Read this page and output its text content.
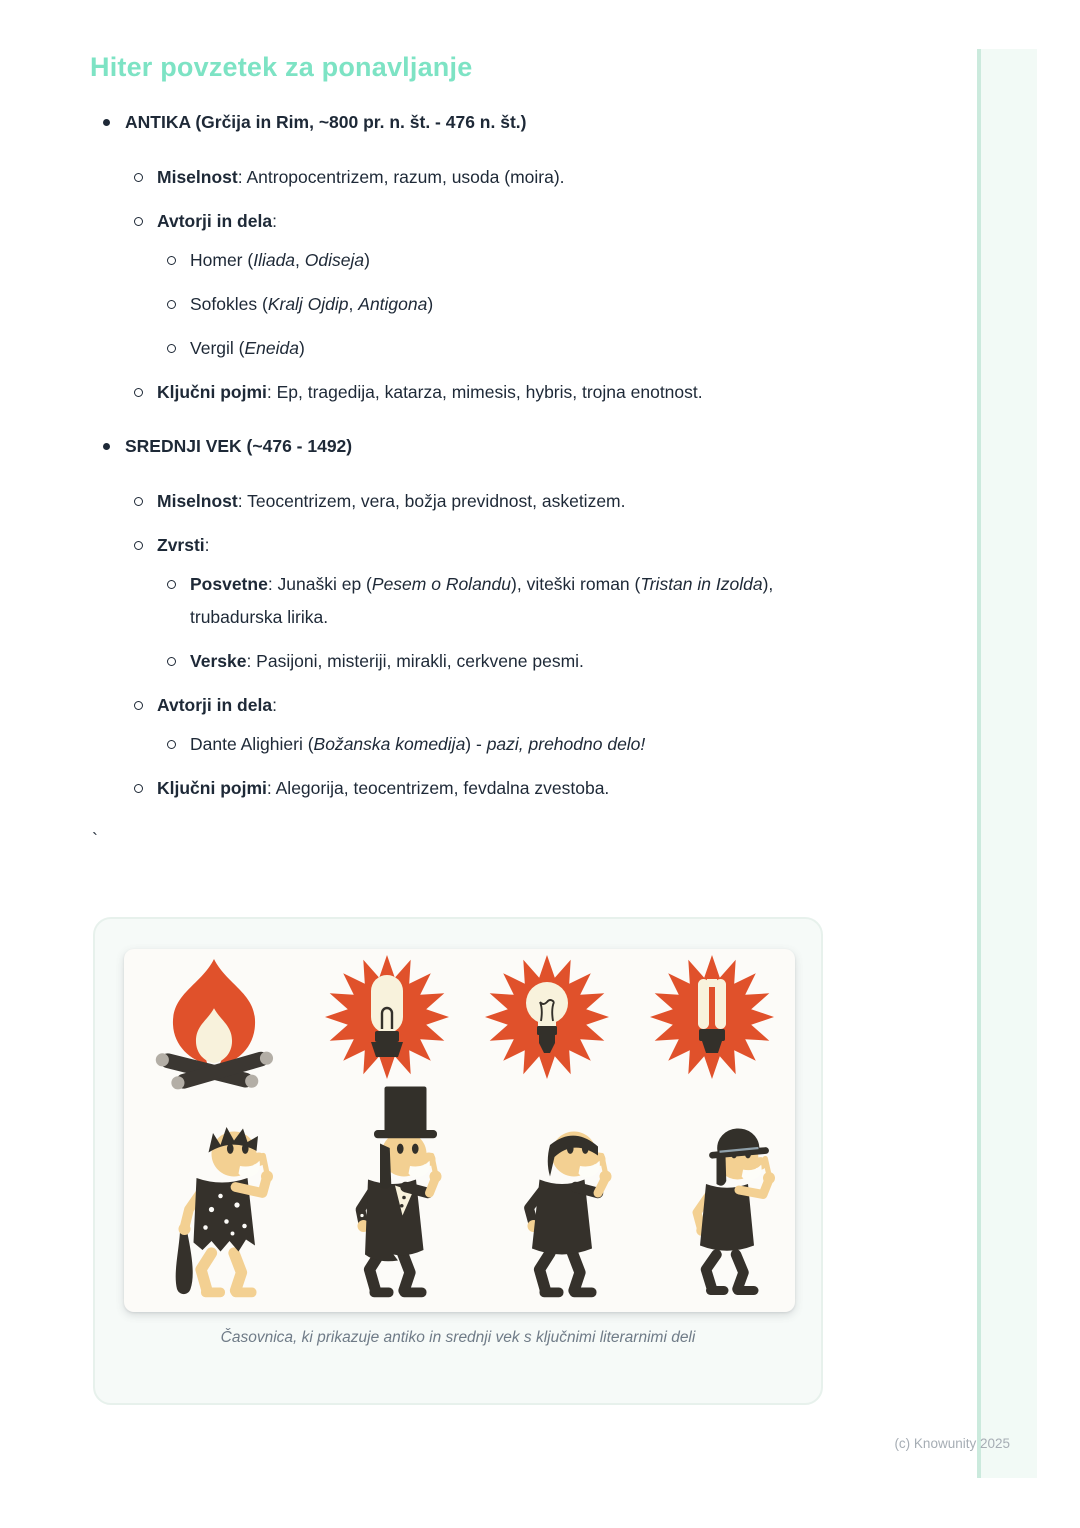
Hiter povzetek za ponavljanje
ANTIKA (Grčija in Rim, ~800 pr. n. št. - 476 n. št.)
Miselnost: Antropocentrizem, razum, usoda (moira).
Avtorji in dela:
Homer (Iliada, Odiseja)
Sofokles (Kralj Ojdip, Antigona)
Vergil (Eneida)
Ključni pojmi: Ep, tragedija, katarza, mimesis, hybris, trojna enotnost.
SREDNJI VEK (~476 - 1492)
Miselnost: Teocentrizem, vera, božja previdnost, asketizem.
Zvrsti:
Posvetne: Junaški ep (Pesem o Rolandu), viteški roman (Tristan in Izolda), trubadurska lirika.
Verske: Pasijoni, misteriji, mirakli, cerkvene pesmi.
Avtorji in dela:
Dante Alighieri (Božanska komedija) - pazi, prehodno delo!
Ključni pojmi: Alegorija, teocentrizem, fevdalna zvestoba.
`
Časovnica, ki prikazuje antiko in srednji vek s ključnimi literarnimi deli
(c) Knowunity 2025
